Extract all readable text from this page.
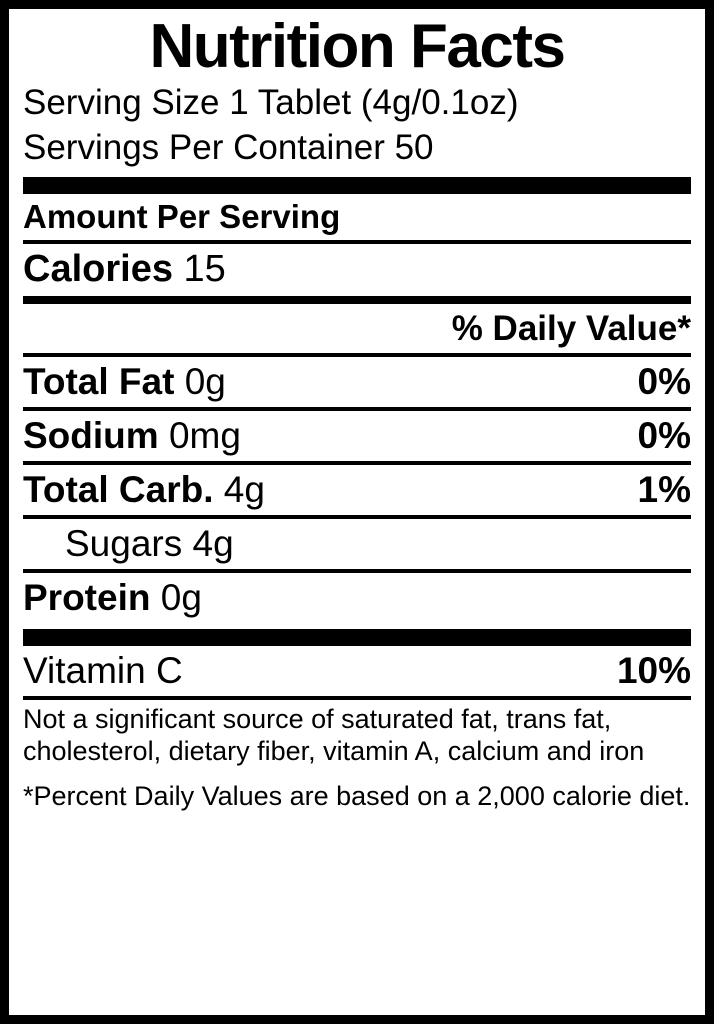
Nutrition Facts
Serving Size 1 Tablet (4g/0.1oz)
Servings Per Container 50
Amount Per Serving
Calories 15
% Daily Value*
Total Fat 0g	0%
Sodium 0mg	0%
Total Carb. 4g	1%
Sugars 4g
Protein 0g
Vitamin C	10%
Not a significant source of saturated fat, trans fat,
cholesterol, dietary fiber, vitamin A, calcium and iron
*Percent Daily Values are based on a 2,000 calorie diet.
